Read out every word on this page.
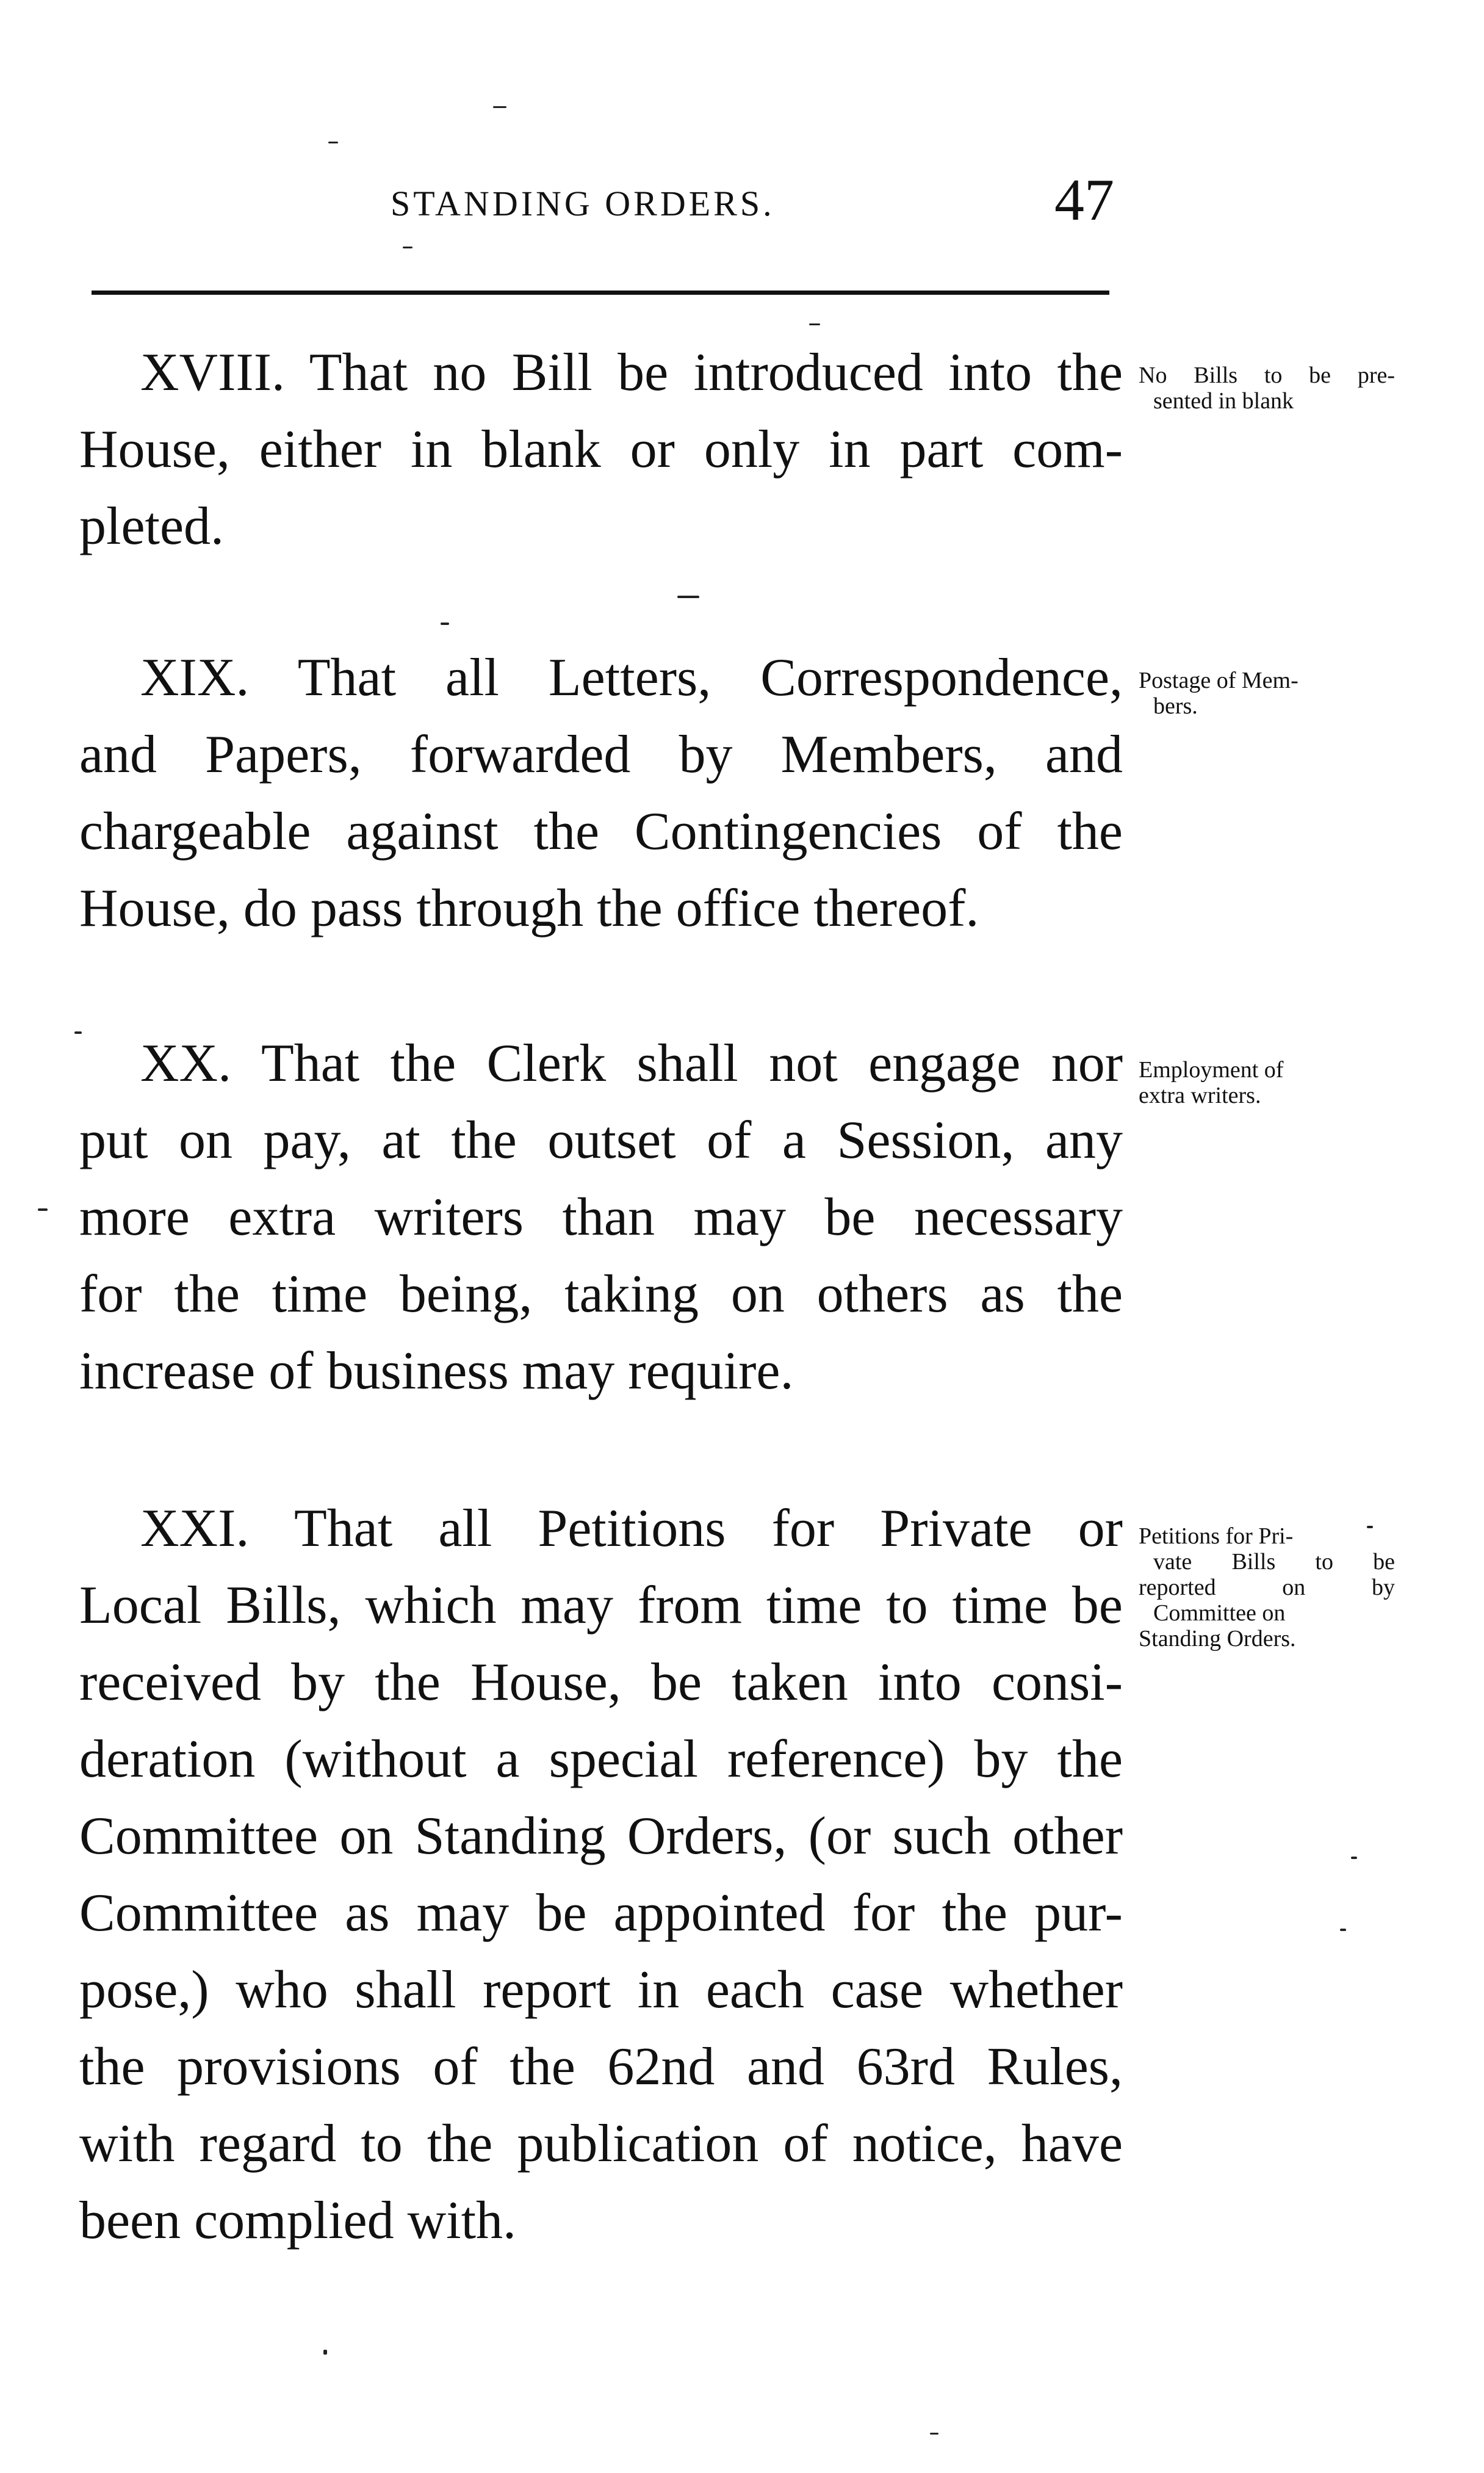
STANDING ORDERS.	47
XVIII. That no Bill be introduced into the
House, either in blank or only in part com-
pleted.
No Bills to be pre-
sented in blank
XIX. That all Letters, Correspondence,
and Papers, forwarded by Members, and
chargeable against the Contingencies of the
House, do pass through the office thereof.
Postage of Mem-
bers.
XX. That the Clerk shall not engage nor
put on pay, at the outset of a Session, any
more extra writers than may be necessary
for the time being, taking on others as the
increase of business may require.
Employment of
extra writers.
XXI. That all Petitions for Private or
Local Bills, which may from time to time be
received by the House, be taken into consi-
deration (without a special reference) by the
Committee on Standing Orders, (or such other
Committee as may be appointed for the pur-
pose,) who shall report in each case whether
the provisions of the 62nd and 63rd Rules,
with regard to the publication of notice, have
been complied with.
Petitions for Pri-
vate Bills to be
reported on by
Committee on
Standing Orders.
